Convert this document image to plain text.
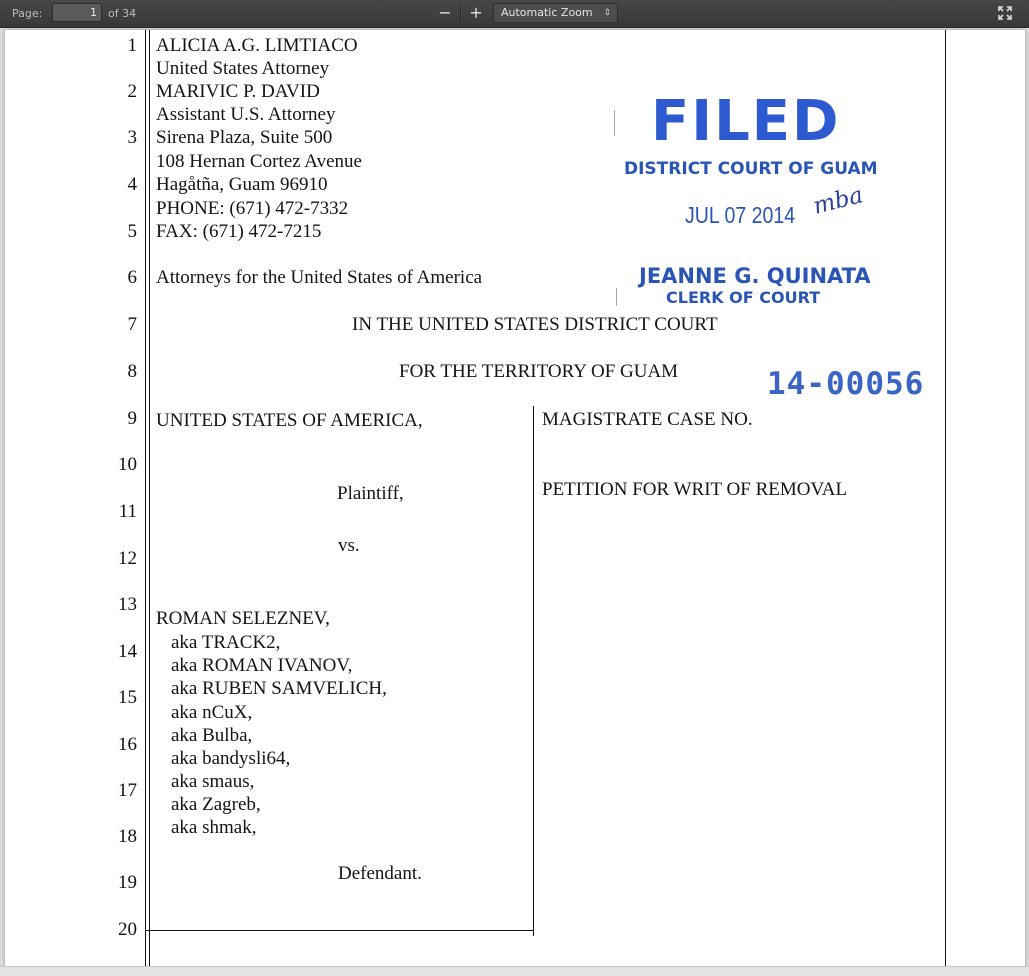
Page:
1	of 34	− +	Automatic Zoom ⇕
1
2
3
4
5
6
7
8
9
10
11
12
13
14
15
16
17
18
19
20
ALICIA A.G. LIMTIACO
United States Attorney
MARIVIC P. DAVID
Assistant U.S. Attorney
Sirena Plaza, Suite 500
108 Hernan Cortez Avenue
Hagåtña, Guam 96910
PHONE: (671) 472-7332
FAX: (671) 472-7215
Attorneys for the United States of America
IN THE UNITED STATES DISTRICT COURT
FOR THE TERRITORY OF GUAM
UNITED STATES OF AMERICA,
Plaintiff,
vs.
ROMAN SELEZNEV,
aka TRACK2,
aka ROMAN IVANOV,
aka RUBEN SAMVELICH,
aka nCuX,
aka Bulba,
aka bandysli64,
aka smaus,
aka Zagreb,
aka shmak,
Defendant.
MAGISTRATE CASE NO.
PETITION FOR WRIT OF REMOVAL
14-00056
FILED
DISTRICT COURT OF GUAM
JUL 07 2014 mba
JEANNE G. QUINATA
CLERK OF COURT
